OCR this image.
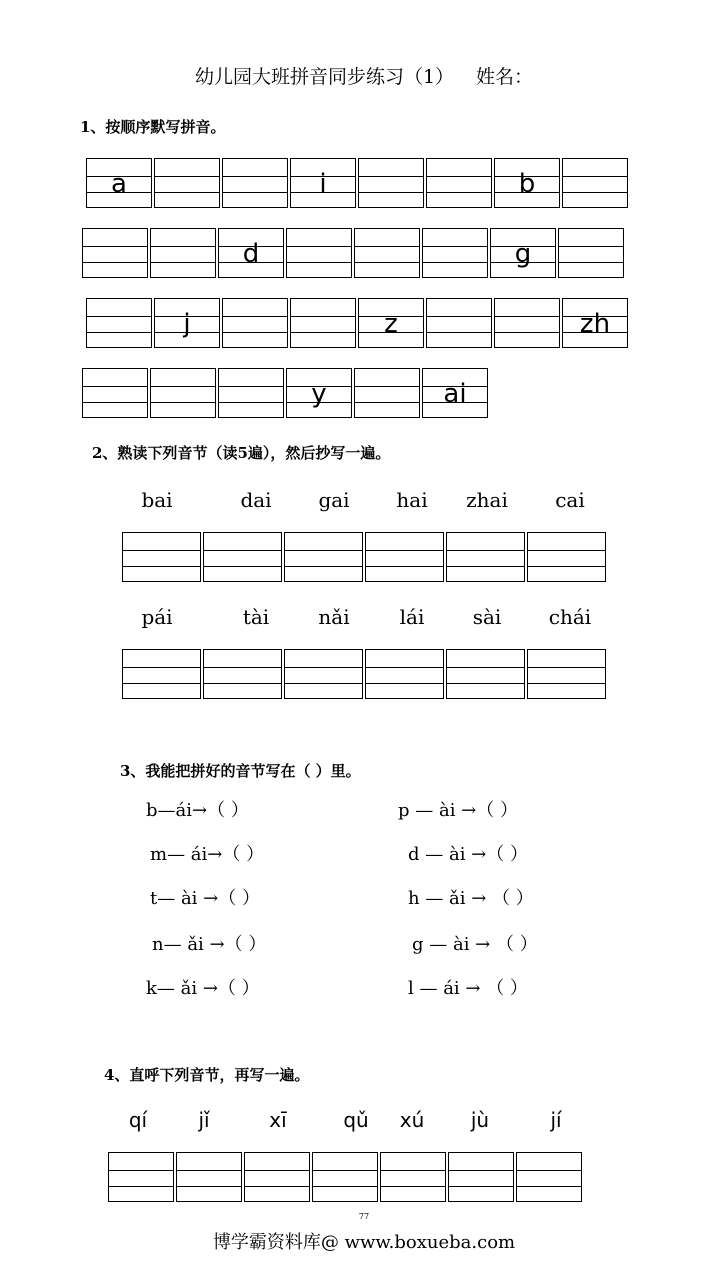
幼儿园大班拼音同步练习（1） 姓名：
1、按顺序默写拼音。
a	i	b
d	g
j	z	zh
y	ai
2、熟读下列音节（读5遍），然后抄写一遍。
bai	dai	gai	hai	zhai	cai
pái	tài	nǎi	lái	sài	chái
3、我能把拼好的音节写在（ ）里。
b—ái→（ ）
m— ái→（ ）
t— ài →（ ）
n— ǎi →（ ）
k— ǎi →（ ）
p — ài →（ ）
d — ài →（ ）
h — ǎi → （ ）
g — ài → （ ）
l — ái → （ ）
4、直呼下列音节，再写一遍。
qí	jǐ	xī	qǔ	xú	jù	jí
77
博学霸资料库@ www.boxueba.com
